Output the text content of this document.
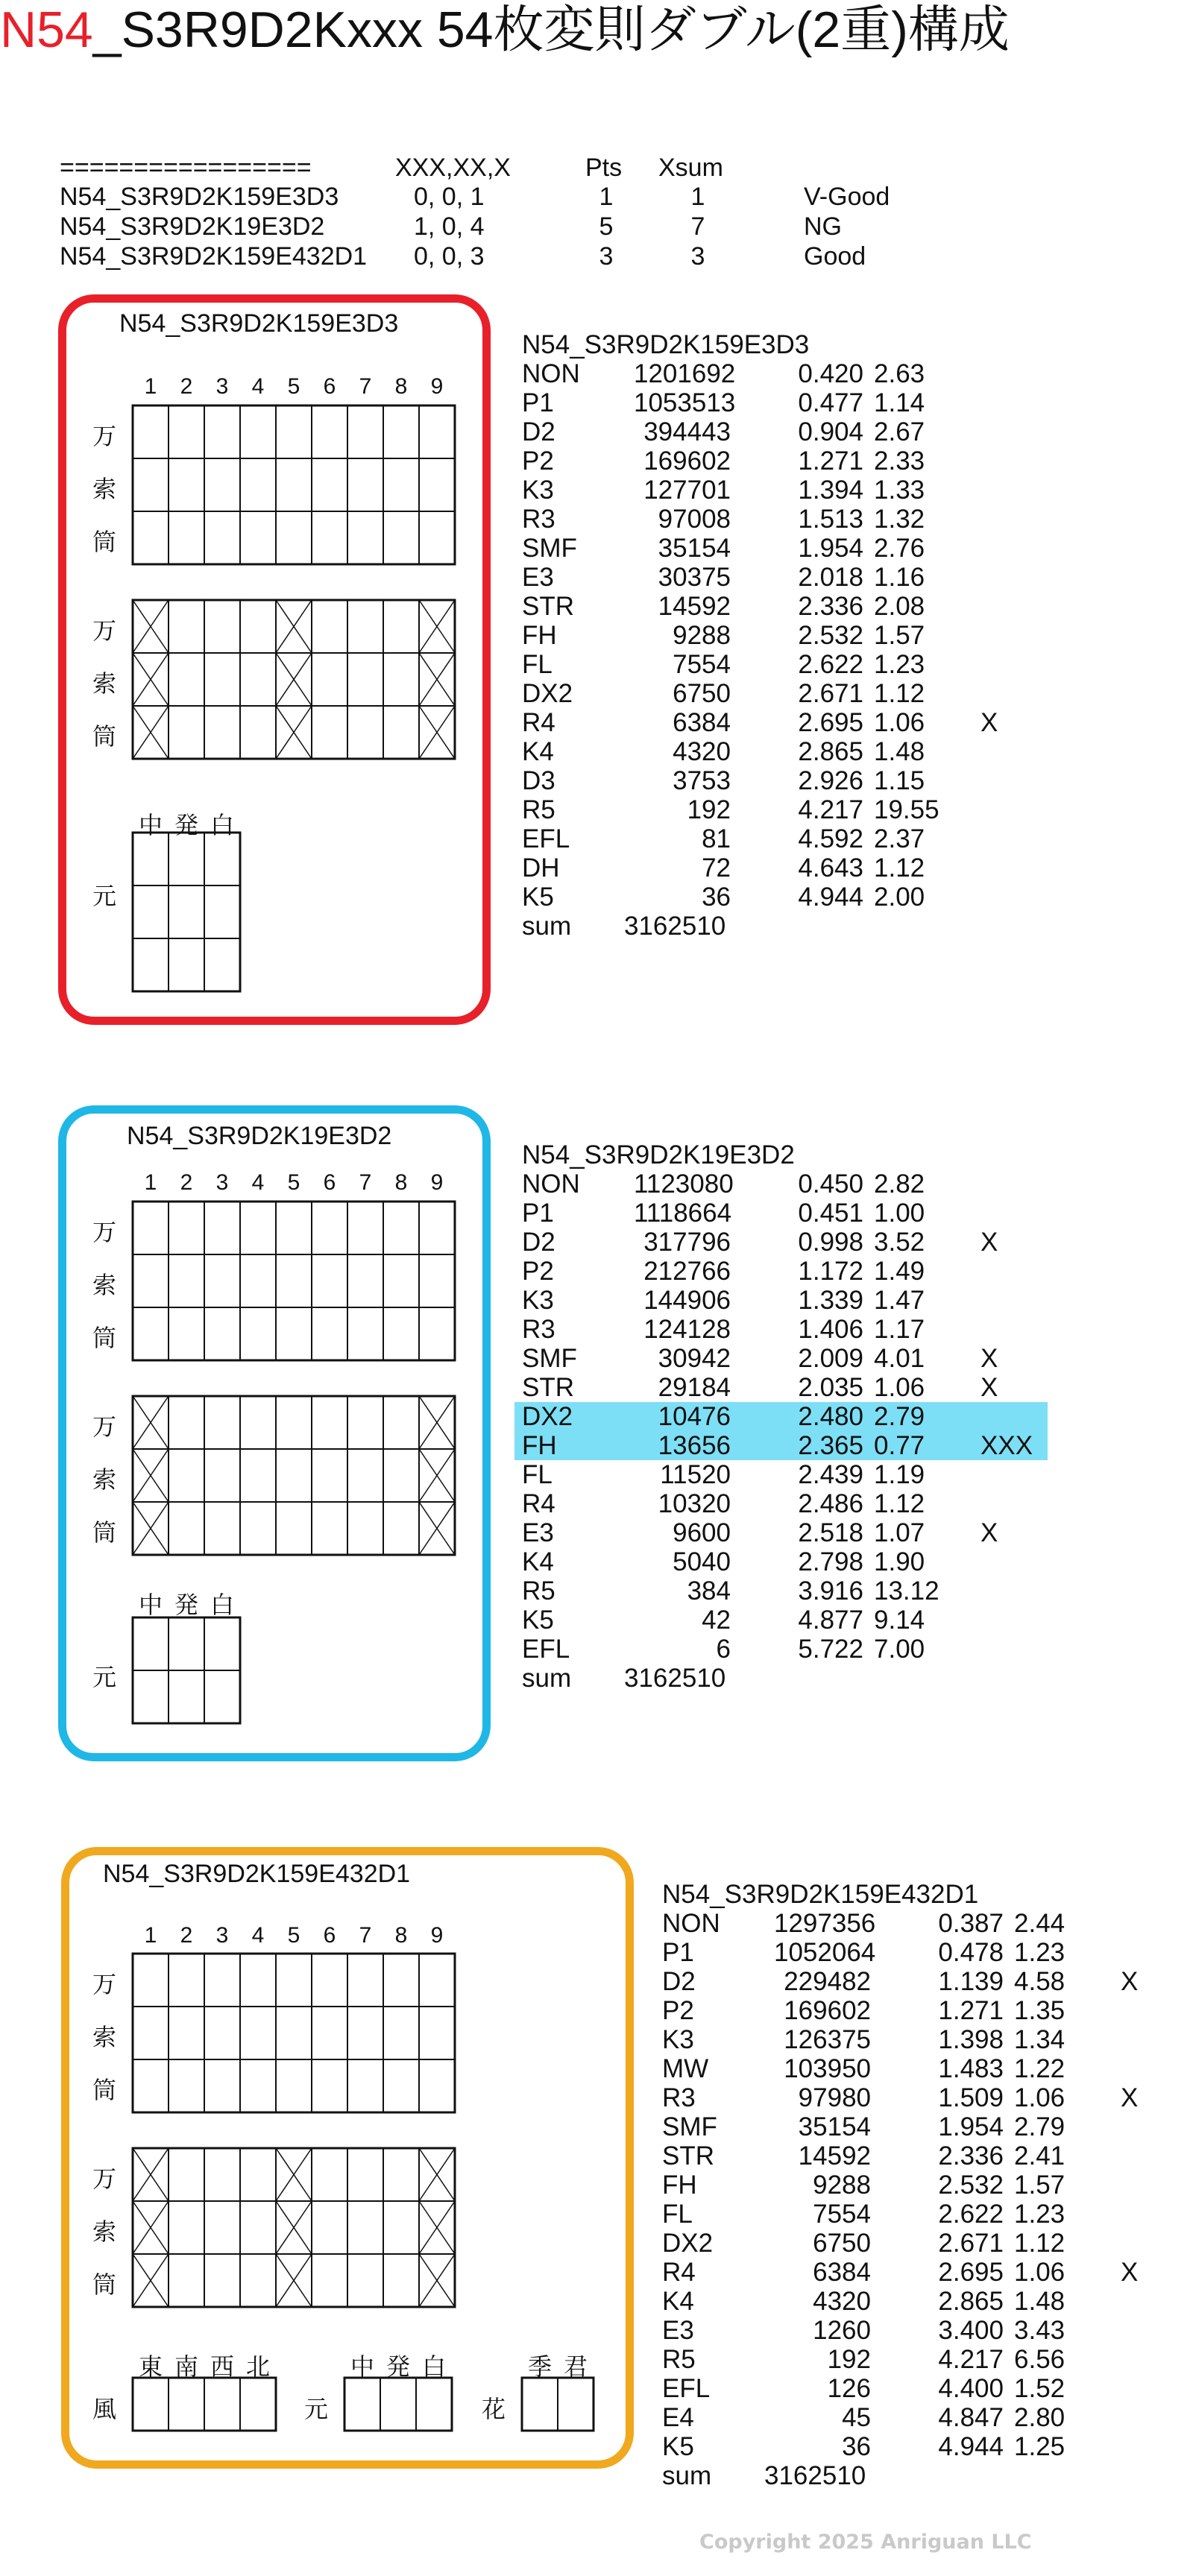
N54_S3R9D2Kxxx 54枚変則ダブル(2重)構成
=================	XXX,XX,X	Pts Xsum
N54_S3R9D2K159E3D3	0, 0, 1	1	1	V-Good
N54_S3R9D2K19E3D2	1, 0, 4	5	7	NG
N54_S3R9D2K159E432D1 0, 0, 3	3	3	Good
N54_S3R9D2K159E3D3
1	2	3	4	5	6	7	8	9
万
索
筒
万
索
筒
中 発 白
元
N54_S3R9D2K159E3D3
NON 1201692	0.420 2.63
P1	1053513	0.477 1.14
D2	394443	0.904 2.67
P2	169602	1.271 2.33
K3	127701	1.394 1.33
R3	97008	1.513 1.32
SMF	35154	1.954 2.76
E3	30375	2.018 1.16
STR	14592	2.336 2.08
FH	9288	2.532 1.57
FL	7554	2.622 1.23
DX2	6750	2.671 1.12
R4	6384	2.695 1.06 X
K4	4320	2.865 1.48
D3	3753	2.926 1.15
R5	192	4.217 19.55
EFL	81	4.592 2.37
DH	72	4.643 1.12
K5	36	4.944 2.00
sum 3162510
N54_S3R9D2K19E3D2
1	2	3	4	5	6	7	8	9
万
索
筒
万
索
筒
中 発 白
元
N54_S3R9D2K19E3D2
NON 1123080	0.450 2.82
P1	1118664	0.451 1.00
D2	317796	0.998 3.52 X
P2	212766	1.172 1.49
K3	144906	1.339 1.47
R3	124128	1.406 1.17
SMF	30942	2.009 4.01 X
STR	29184	2.035 1.06 X
DX2	10476	2.480 2.79
FH	13656	2.365 0.77 XXX
FL	11520	2.439 1.19
R4	10320	2.486 1.12
E3	9600	2.518 1.07 X
K4	5040	2.798 1.90
R5	384	3.916 13.12
K5	42	4.877 9.14
EFL	6	5.722 7.00
sum 3162510
N54_S3R9D2K159E432D1
1	2	3	4	5	6	7	8	9
万
索
筒
万
索
筒
東 南 西 北
風
中 発 白
元
季 君
花
N54_S3R9D2K159E432D1
NON 1297356	0.387 2.44
P1	1052064	0.478 1.23
D2	229482	1.139 4.58 X
P2	169602	1.271 1.35
K3	126375	1.398 1.34
MW	103950	1.483 1.22
R3	97980	1.509 1.06 X
SMF	35154	1.954 2.79
STR	14592	2.336 2.41
FH	9288	2.532 1.57
FL	7554	2.622 1.23
DX2	6750	2.671 1.12
R4	6384	2.695 1.06 X
K4	4320	2.865 1.48
E3	1260	3.400 3.43
R5	192	4.217 6.56
EFL	126	4.400 1.52
E4	45	4.847 2.80
K5	36	4.944 1.25
sum 3162510
Copyright 2025 Anriguan LLC
